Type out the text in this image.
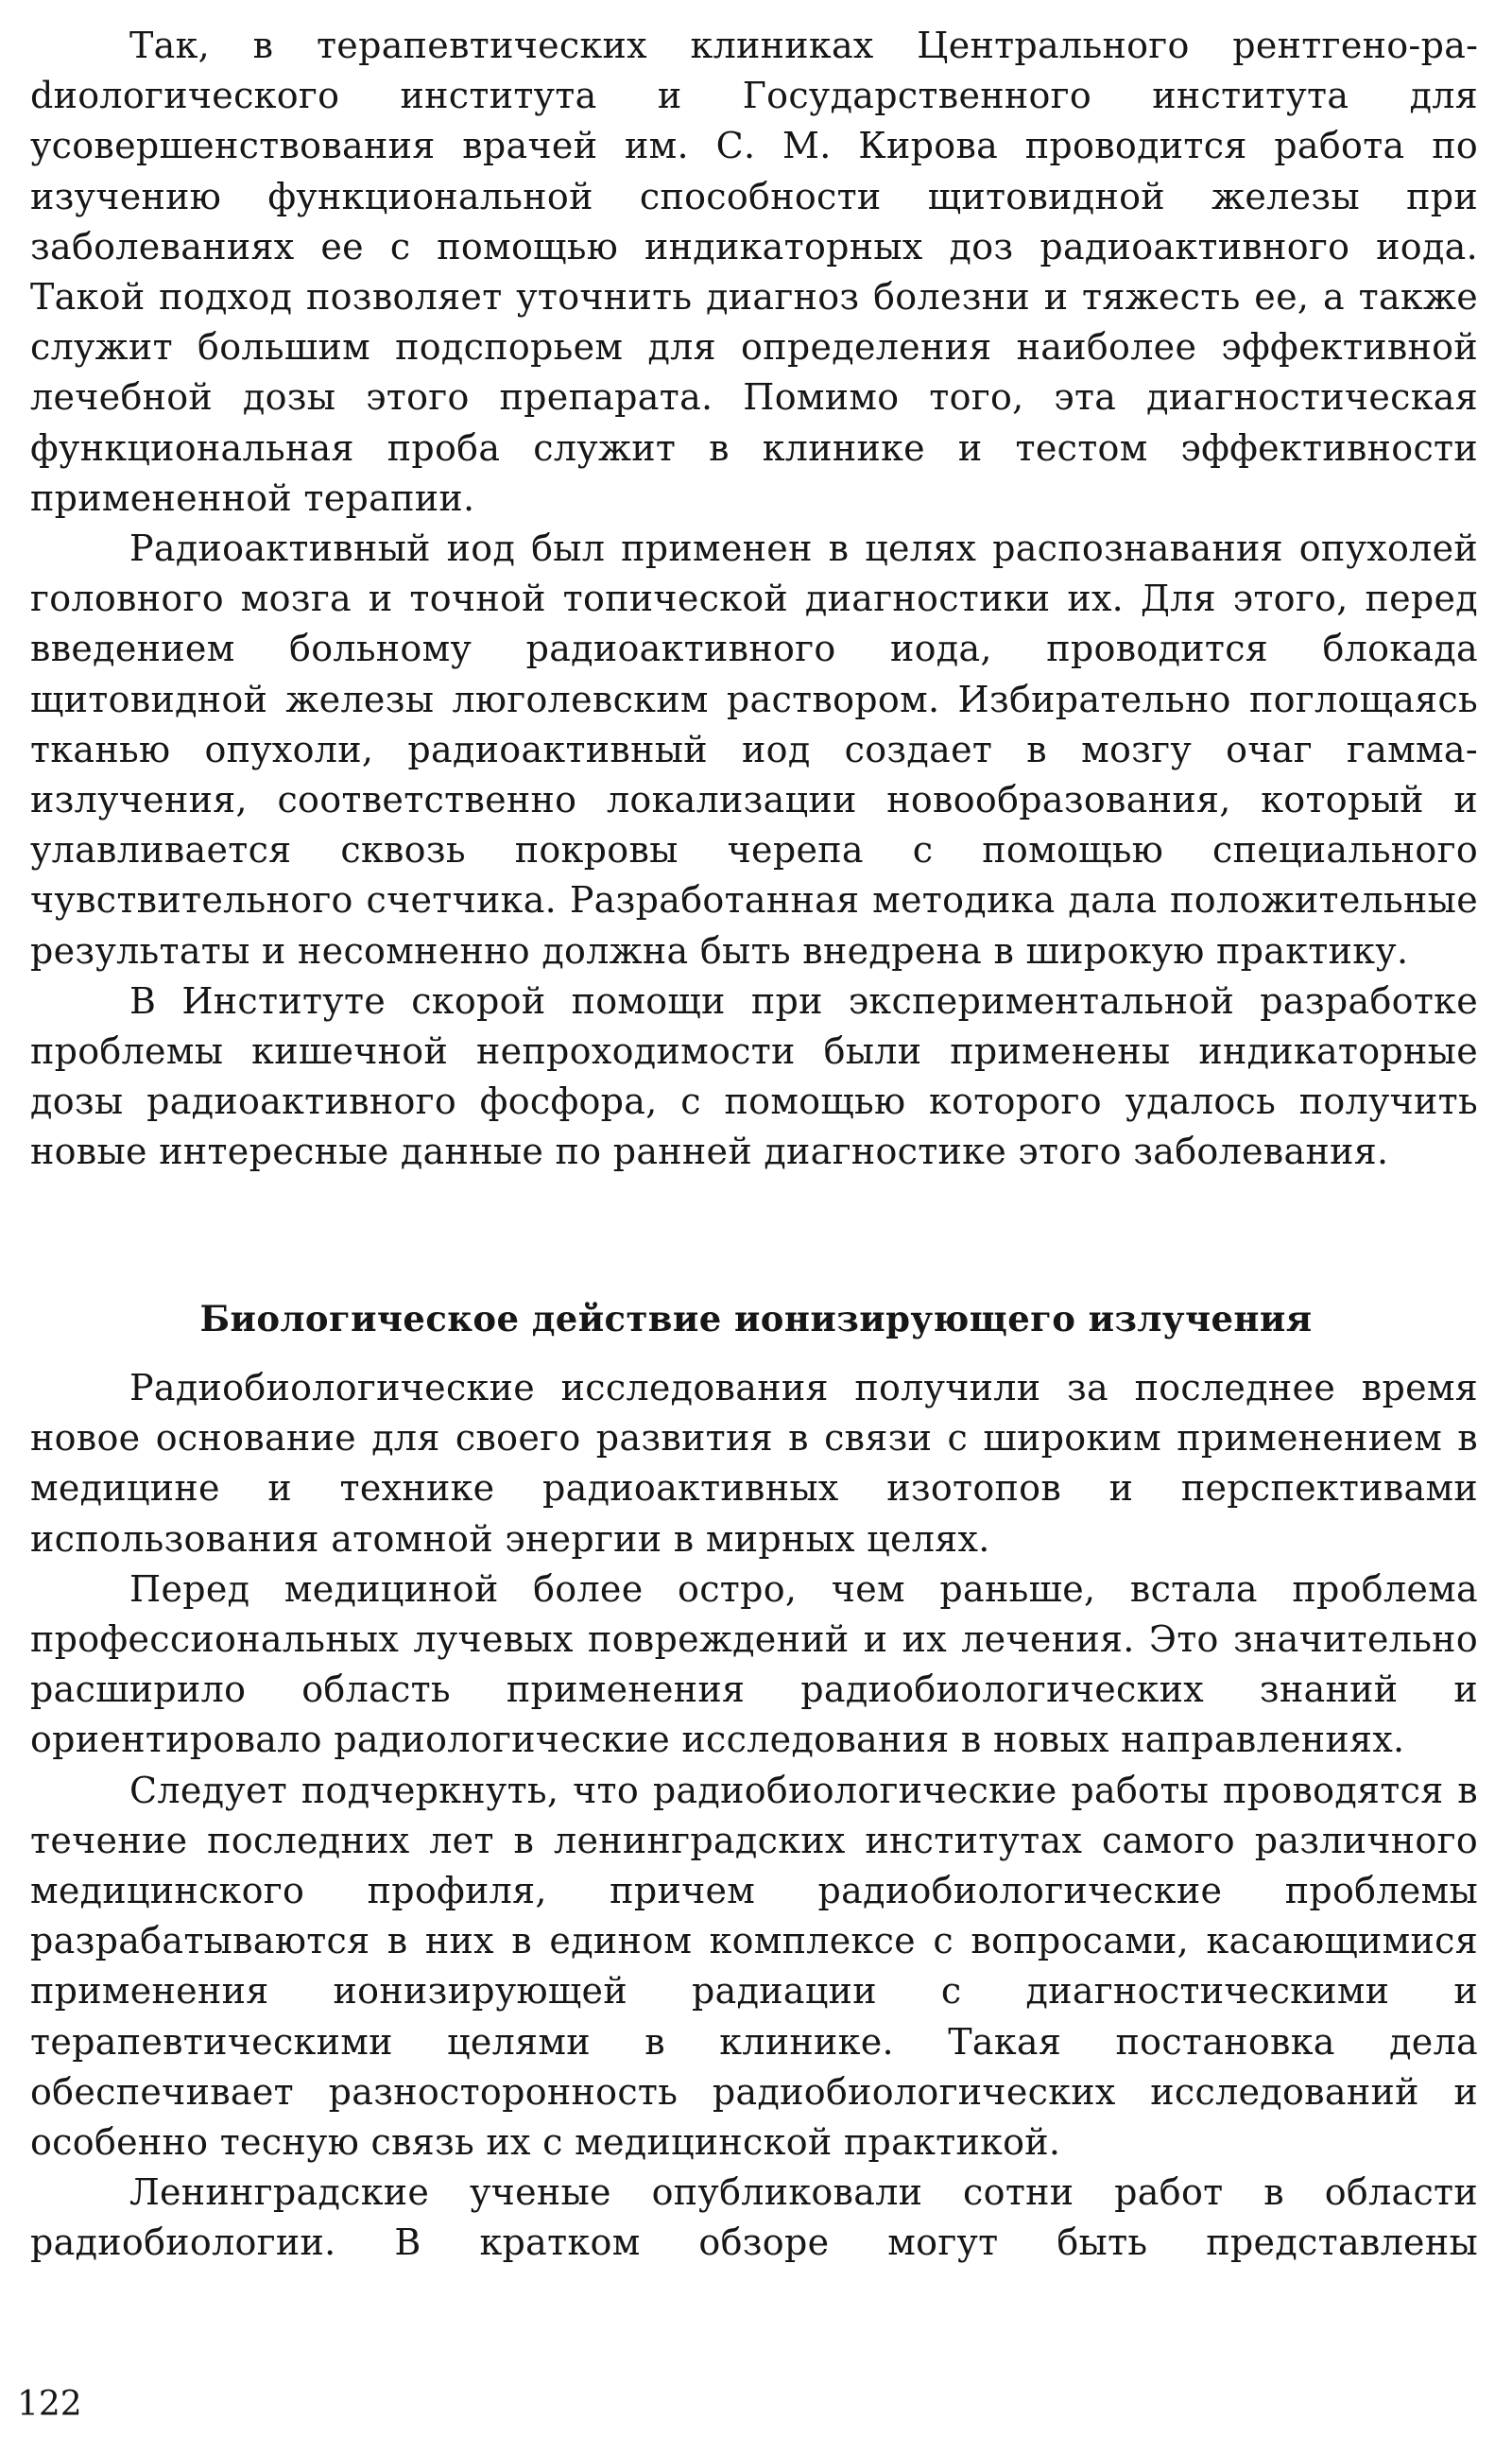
Так, в терапевтических клиниках Центрального рентгено-раdиологического института и Государственного института для усовершенствования врачей им. С. М. Кирова проводится работа по изучению функциональной способности щитовидной железы при заболеваниях ее с помощью индикаторных доз радиоактивного иода. Такой подход позволяет уточнить диагноз болезни и тяжесть ее, а также служит большим подспорьем для определения наиболее эффективной лечебной дозы этого препарата. Помимо того, эта диагностическая функциональная проба служит в клинике и тестом эффективности примененной терапии.

Радиоактивный иод был применен в целях распознавания опухолей головного мозга и точной топической диагностики их. Для этого, перед введением больному радиоактивного иода, проводится блокада щитовидной железы люголевским раствором. Избирательно поглощаясь тканью опухоли, радиоактивный иод создает в мозгу очаг гамма-излучения, соответственно локализации новообразования, который и улавливается сквозь покровы черепа с помощью специального чувствительного счетчика. Разработанная методика дала положительные результаты и несомненно должна быть внедрена в широкую практику.

В Институте скорой помощи при экспериментальной разработке проблемы кишечной непроходимости были применены индикаторные дозы радиоактивного фосфора, с помощью которого удалось получить новые интересные данные по ранней диагностике этого заболевания.

Биологическое действие ионизирующего излучения

Радиобиологические исследования получили за последнее время новое основание для своего развития в связи с широким применением в медицине и технике радиоактивных изотопов и перспективами использования атомной энергии в мирных целях.

Перед медициной более остро, чем раньше, встала проблема профессиональных лучевых повреждений и их лечения. Это значительно расширило область применения радиобиологических знаний и ориентировало радиологические исследования в новых направлениях.

Следует подчеркнуть, что радиобиологические работы проводятся в течение последних лет в ленинградских институтах самого различного медицинского профиля, причем радиобиологические проблемы разрабатываются в них в едином комплексе с вопросами, касающимися применения ионизирующей радиации с диагностическими и терапевтическими целями в клинике. Такая постановка дела обеспечивает разносторонность радиобиологических исследований и особенно тесную связь их с медицинской практикой.

Ленинградские ученые опубликовали сотни работ в области радиобиологии. В кратком обзоре могут быть представлены

122
